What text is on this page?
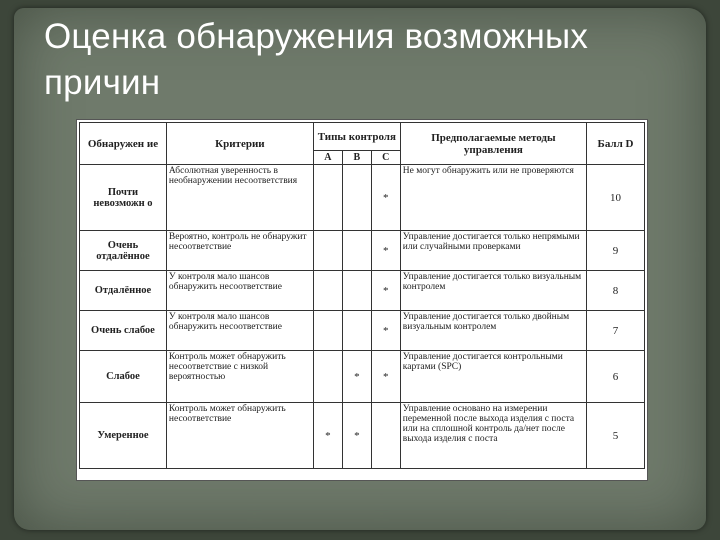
Оценка обнаружения возможных причин
Обнаружен ие	Критерии	Типы контроля			Предполагаемые методы управления	Балл D
		А	В	С		
Почти невозможн о	Абсолютная уверенность в необнаружении несоответствия			*	Не могут обнаружить или не проверяются	10
Очень отдалённое	Вероятно, контроль не обнаружит несоответствие			*	Управление достигается только непрямыми или случайными проверками	9
Отдалённое	У контроля мало шансов обнаружить несоответствие			*	Управление достигается только визуальным контролем	8
Очень слабое	У контроля мало шансов обнаружить несоответствие			*	Управление достигается только двойным визуальным контролем	7
Слабое	Контроль может обнаружить несоответствие с низкой вероятностью		*	*	Управление достигается контрольными картами (SPC)	6
Умеренное	Контроль может обнаружить несоответствие	*	*		Управление основано на измерении переменной после выхода изделия с поста или на сплошной контроль да/нет после выхода изделия с поста	5
